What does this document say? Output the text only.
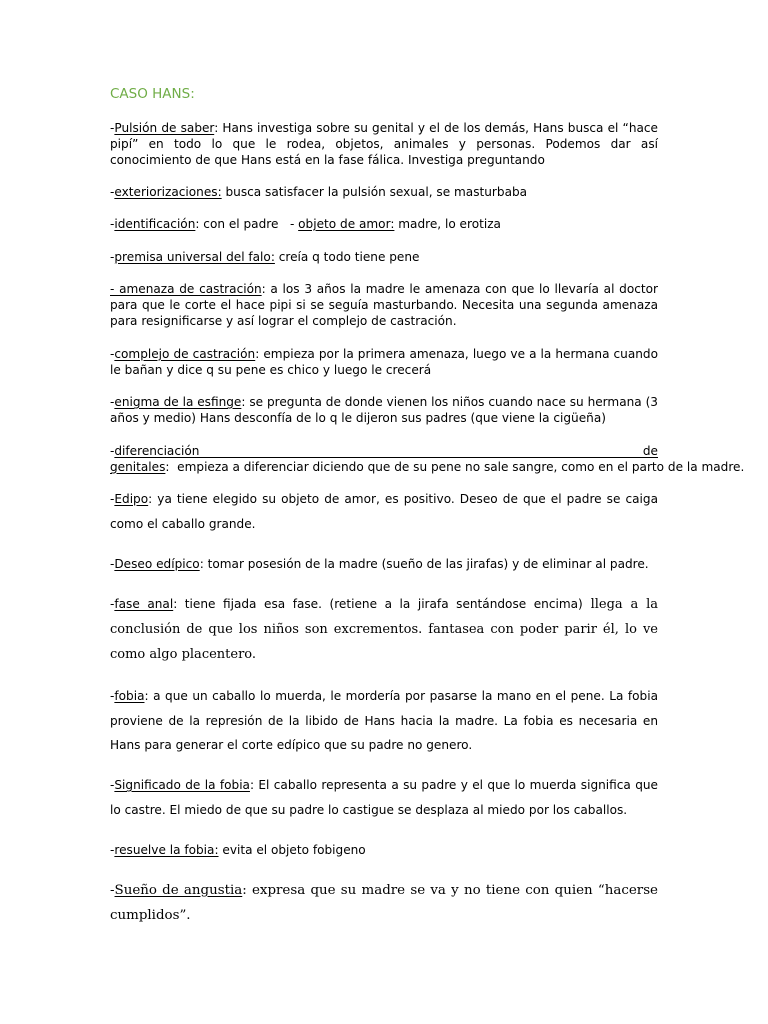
CASO HANS:

-Pulsión de saber: Hans investiga sobre su genital y el de los demás, Hans busca el “hace pipí” en todo lo que le rodea, objetos, animales y personas. Podemos dar así conocimiento de que Hans está en la fase fálica. Investiga preguntando

-exteriorizaciones: busca satisfacer la pulsión sexual, se masturbaba

-identificación: con el padre   - objeto de amor: madre, lo erotiza

-premisa universal del falo: creía q todo tiene pene

- amenaza de castración: a los 3 años la madre le amenaza con que lo llevaría al doctor para que le corte el hace pipi si se seguía masturbando. Necesita una segunda amenaza para resignificarse y así lograr el complejo de castración.

-complejo de castración: empieza por la primera amenaza, luego ve a la hermana cuando le bañan y dice q su pene es chico y luego le crecerá

-enigma de la esfinge: se pregunta de donde vienen los niños cuando nace su hermana (3 años y medio) Hans desconfía de lo q le dijeron sus padres (que viene la cigüeña)

-diferenciación de genitales:  empieza a diferenciar diciendo que de su pene no sale sangre, como en el parto de la madre.

-Edipo: ya tiene elegido su objeto de amor, es positivo. Deseo de que el padre se caiga como el caballo grande.

-Deseo edípico: tomar posesión de la madre (sueño de las jirafas) y de eliminar al padre.

-fase anal: tiene fijada esa fase. (retiene a la jirafa sentándose encima) llega a la conclusión de que los niños son excrementos. fantasea con poder parir él, lo ve como algo placentero.

-fobia: a que un caballo lo muerda, le mordería por pasarse la mano en el pene. La fobia proviene de la represión de la libido de Hans hacia la madre. La fobia es necesaria en Hans para generar el corte edípico que su padre no genero.

-Significado de la fobia: El caballo representa a su padre y el que lo muerda significa que lo castre. El miedo de que su padre lo castigue se desplaza al miedo por los caballos.

-resuelve la fobia: evita el objeto fobigeno

-Sueño de angustia: expresa que su madre se va y no tiene con quien “hacerse cumplidos”.
